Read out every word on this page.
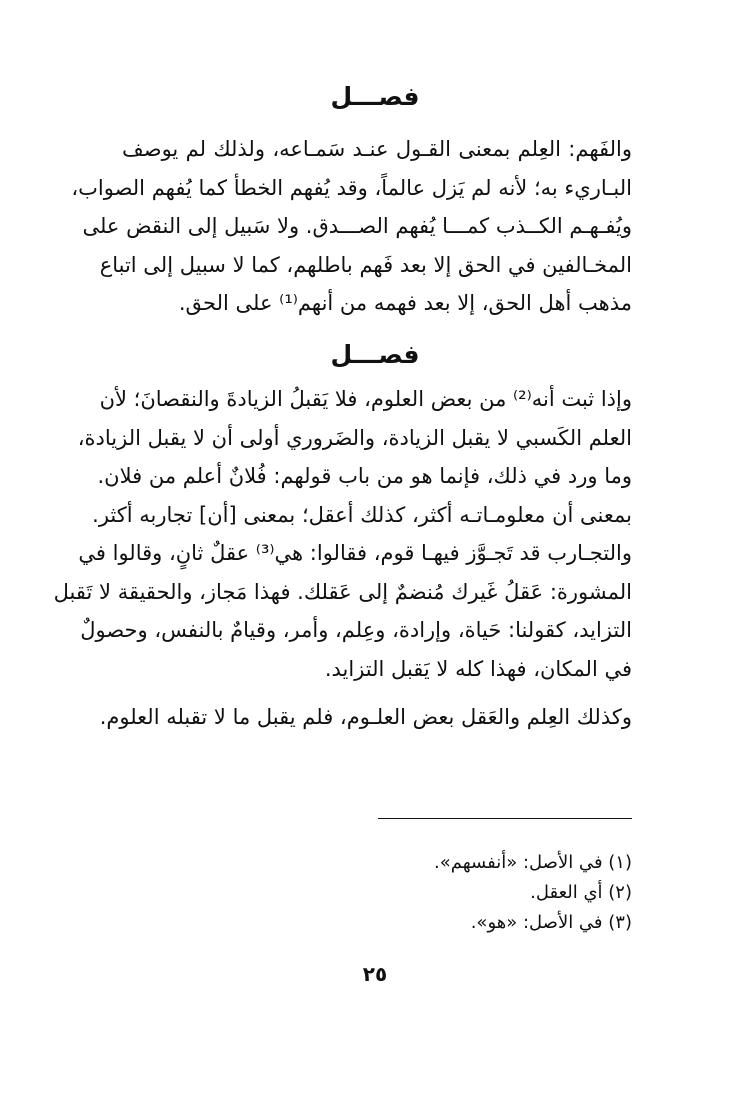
فصـــل

والفَهم: العِلم بمعنى القـول عنـد سَمـاعه، ولذلك لم يوصف
البـاريء به؛ لأنه لم يَزل عالماً، وقد يُفهم الخطأ كما يُفهم الصواب،
ويُفـهـم الكــذب كمـــا يُفهم الصـــدق. ولا سَبيل إلى النقض على
المخـالفين في الحق إلا بعد فَهم باطلهم، كما لا سبيل إلى اتباع
مذهب أهل الحق، إلا بعد فهمه من أنهم⁽¹⁾ على الحق.

فصـــل

وإذا ثبت أنه⁽²⁾ من بعض العلوم، فلا يَقبلُ الزيادةَ والنقصانَ؛ لأن
العلم الكَسبي لا يقبل الزيادة، والضَروري أولى أن لا يقبل الزيادة،
وما ورد في ذلك، فإنما هو من باب قولهم: فُلانٌ أعلم من فلان.
بمعنى أن معلومـاتـه أكثر، كذلك أعقل؛ بمعنى [أن] تجاربه أكثر.
والتجـارب قد تَجـوَّز فيهـا قوم، فقالوا: هي⁽³⁾ عقلٌ ثانٍ، وقالوا في
المشورة: عَقلُ غَيرك مُنضمٌ إلى عَقلك. فهذا مَجاز، والحقيقة لا تَقبل
التزايد، كقولنا: حَياة، وإرادة، وعِلم، وأمر، وقيامٌ بالنفس، وحصولٌ
في المكان، فهذا كله لا يَقبل التزايد.

وكذلك العِلم والعَقل بعض العلـوم، فلم يقبل ما لا تقبله العلوم.

(١) في الأصل: «أنفسهم».
(٢) أي العقل.
(٣) في الأصل: «هو».
٢٥
